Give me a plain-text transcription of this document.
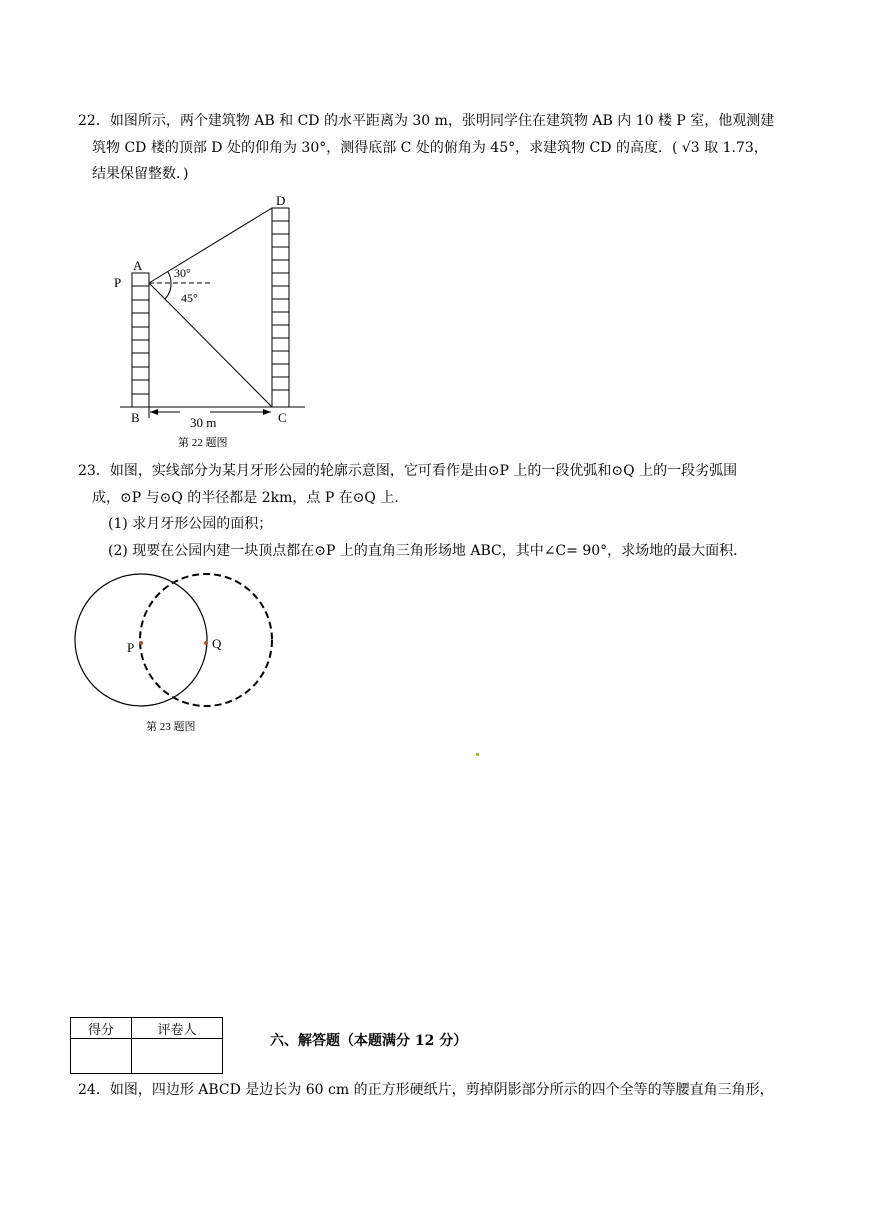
22．如图所示，两个建筑物 AB 和 CD 的水平距离为 30 m，张明同学住在建筑物 AB 内 10 楼 P 室，他观测建
筑物 CD 楼的顶部 D 处的仰角为 30°，测得底部 C 处的俯角为 45°，求建筑物 CD 的高度．( √3 取 1.73，
结果保留整数．)
D
A
P
30°
45°
B	C
30 m
第 22 题图
23．如图，实线部分为某月牙形公园的轮廓示意图，它可看作是由⊙P 上的一段优弧和⊙Q 上的一段劣弧围
成，⊙P 与⊙Q 的半径都是 2km，点 P 在⊙Q 上．
(1) 求月牙形公园的面积；
(2) 现要在公园内建一块顶点都在⊙P 上的直角三角形场地 ABC，其中∠C= 90°，求场地的最大面积．
P	Q
第 23 题图
得分	评卷人

六、解答题（本题满分 12 分）
24．如图，四边形 ABCD 是边长为 60 cm 的正方形硬纸片，剪掉阴影部分所示的四个全等的等腰直角三角形，
